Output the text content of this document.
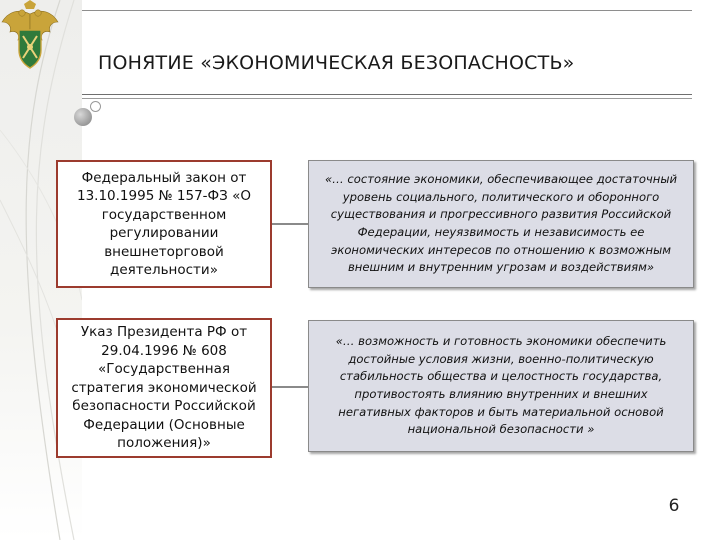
ПОНЯТИЕ «ЭКОНОМИЧЕСКАЯ БЕЗОПАСНОСТЬ»
Федеральный закон от 13.10.1995 № 157-ФЗ «О государственном регулировании внешнеторговой деятельности»
«… состояние экономики, обеспечивающее достаточный уровень социального, политического и оборонного существования и прогрессивного развития Российской Федерации, неуязвимость и независимость ее экономических интересов по отношению к возможным внешним и внутренним угрозам и воздействиям»
Указ Президента РФ от 29.04.1996 № 608 «Государственная стратегия экономической безопасности Российской Федерации (Основные положения)»
«… возможность и готовность экономики обеспечить достойные условия жизни, военно-политическую стабильность общества и целостность государства, противостоять влиянию внутренних и внешних негативных факторов и быть материальной основой национальной безопасности »
6
